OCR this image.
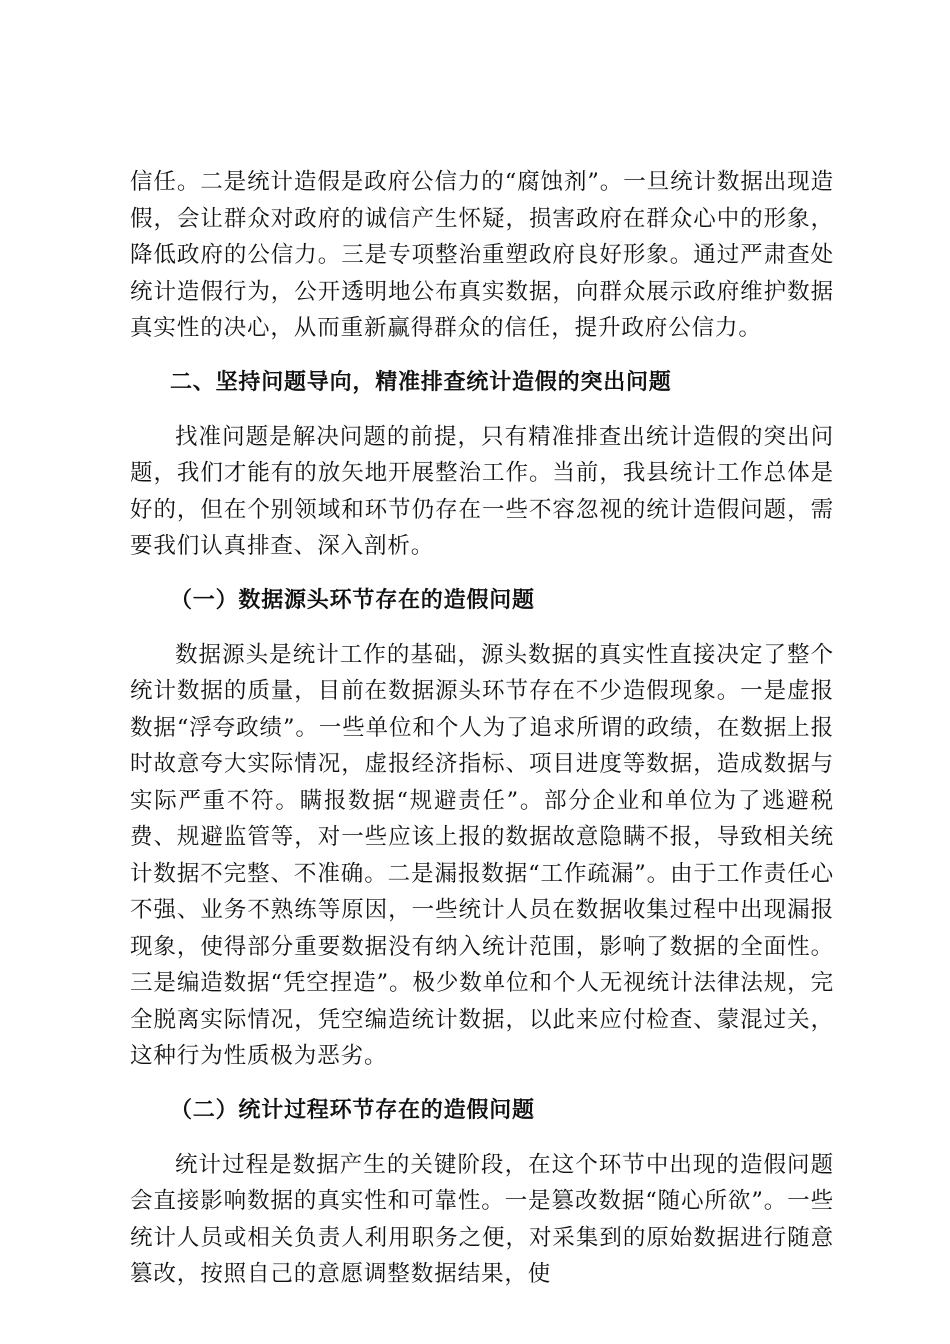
信任。二是统计造假是政府公信力的“腐蚀剂”。一旦统计数据出现造假，会让群众对政府的诚信产生怀疑，损害政府在群众心中的形象，降低政府的公信力。三是专项整治重塑政府良好形象。通过严肃查处统计造假行为，公开透明地公布真实数据，向群众展示政府维护数据真实性的决心，从而重新赢得群众的信任，提升政府公信力。

二、坚持问题导向，精准排查统计造假的突出问题

找准问题是解决问题的前提，只有精准排查出统计造假的突出问题，我们才能有的放矢地开展整治工作。当前，我县统计工作总体是好的，但在个别领域和环节仍存在一些不容忽视的统计造假问题，需要我们认真排查、深入剖析。

（一）数据源头环节存在的造假问题

数据源头是统计工作的基础，源头数据的真实性直接决定了整个统计数据的质量，目前在数据源头环节存在不少造假现象。一是虚报数据“浮夸政绩”。一些单位和个人为了追求所谓的政绩，在数据上报时故意夸大实际情况，虚报经济指标、项目进度等数据，造成数据与实际严重不符。瞒报数据“规避责任”。部分企业和单位为了逃避税费、规避监管等，对一些应该上报的数据故意隐瞒不报，导致相关统计数据不完整、不准确。二是漏报数据“工作疏漏”。由于工作责任心不强、业务不熟练等原因，一些统计人员在数据收集过程中出现漏报现象，使得部分重要数据没有纳入统计范围，影响了数据的全面性。三是编造数据“凭空捏造”。极少数单位和个人无视统计法律法规，完全脱离实际情况，凭空编造统计数据，以此来应付检查、蒙混过关，这种行为性质极为恶劣。

（二）统计过程环节存在的造假问题

统计过程是数据产生的关键阶段，在这个环节中出现的造假问题会直接影响数据的真实性和可靠性。一是篡改数据“随心所欲”。一些统计人员或相关负责人利用职务之便，对采集到的原始数据进行随意篡改，按照自己的意愿调整数据结果，使
